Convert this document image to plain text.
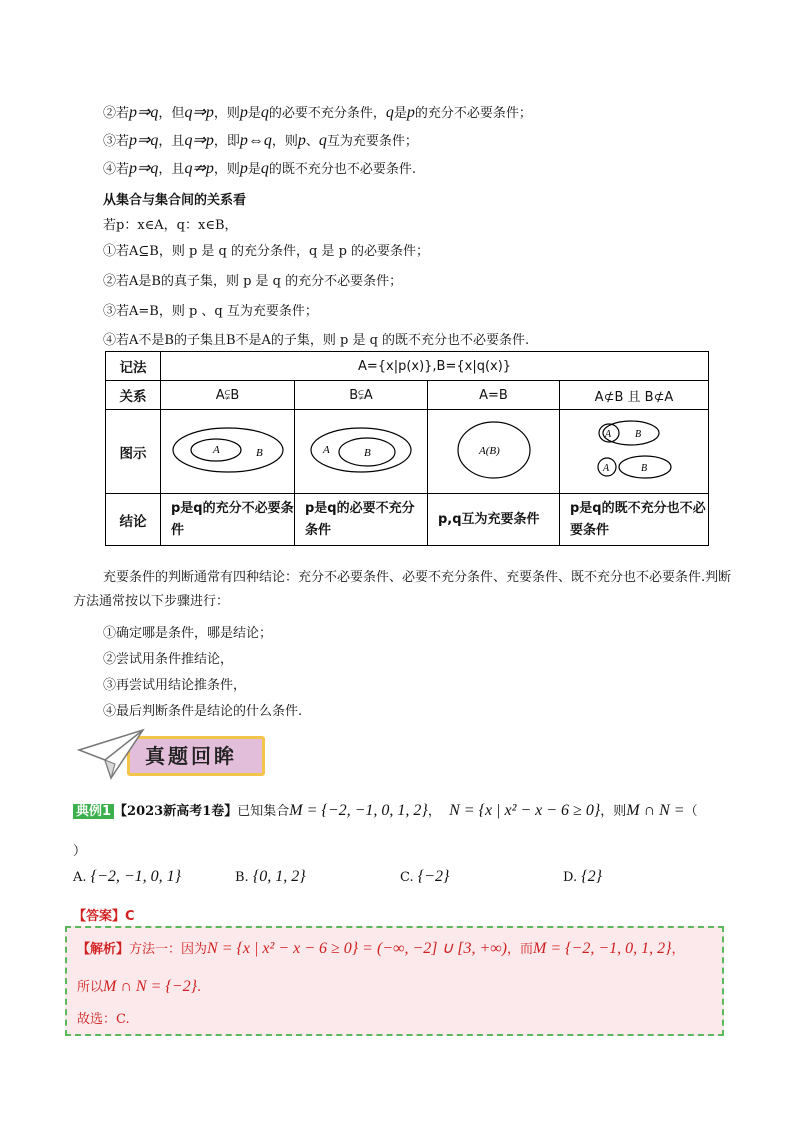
②若p⇒q，但q⇒p，则p是q的必要不充分条件，q是p的充分不必要条件；
③若p⇒q，且q⇒p，即p⇔q，则p、q互为充要条件；
④若p⇒q，且q⇏p，则p是q的既不充分也不必要条件.
从集合与集合间的关系看
若p：x∈A，q：x∈B，
①若A⊆B，则 p 是 q 的充分条件，q 是 p 的必要条件；
②若A是B的真子集，则 p 是 q 的充分不必要条件；
③若A=B，则 p 、q 互为充要条件；
④若A不是B的子集且B不是A的子集，则 p 是 q 的既不充分也不必要条件.
记法	A={x|p(x)},B={x|q(x)}			
关系	A⫋B	B⫋A	A=B	A⊄B 且 B⊄A
图示	A B	A B	A(B)	A B
A B

结论	p是q的充分不必要条件	p是q的必要不充分条件	p,q互为充要条件	p是q的既不充分也不必要条件
充要条件的判断通常有四种结论：充分不必要条件、必要不充分条件、充要条件、既不充分也不必要条件.判断方法通常按以下步骤进行：
①确定哪是条件，哪是结论；
②尝试用条件推结论，
③再尝试用结论推条件，
④最后判断条件是结论的什么条件.
真题回眸
典例1 【2023新高考1卷】已知集合M = {−2, −1, 0, 1, 2}， N = {x | x² − x − 6 ≥ 0}，则M ∩ N =（
）
A. {−2, −1, 0, 1}	B. {0, 1, 2}	C. {−2}	D. {2}
【答案】C
【解析】方法一：因为N = {x | x² − x − 6 ≥ 0} = (−∞, −2] ∪ [3, +∞)，而M = {−2, −1, 0, 1, 2}，
所以M ∩ N = {−2}.
故选：C.
